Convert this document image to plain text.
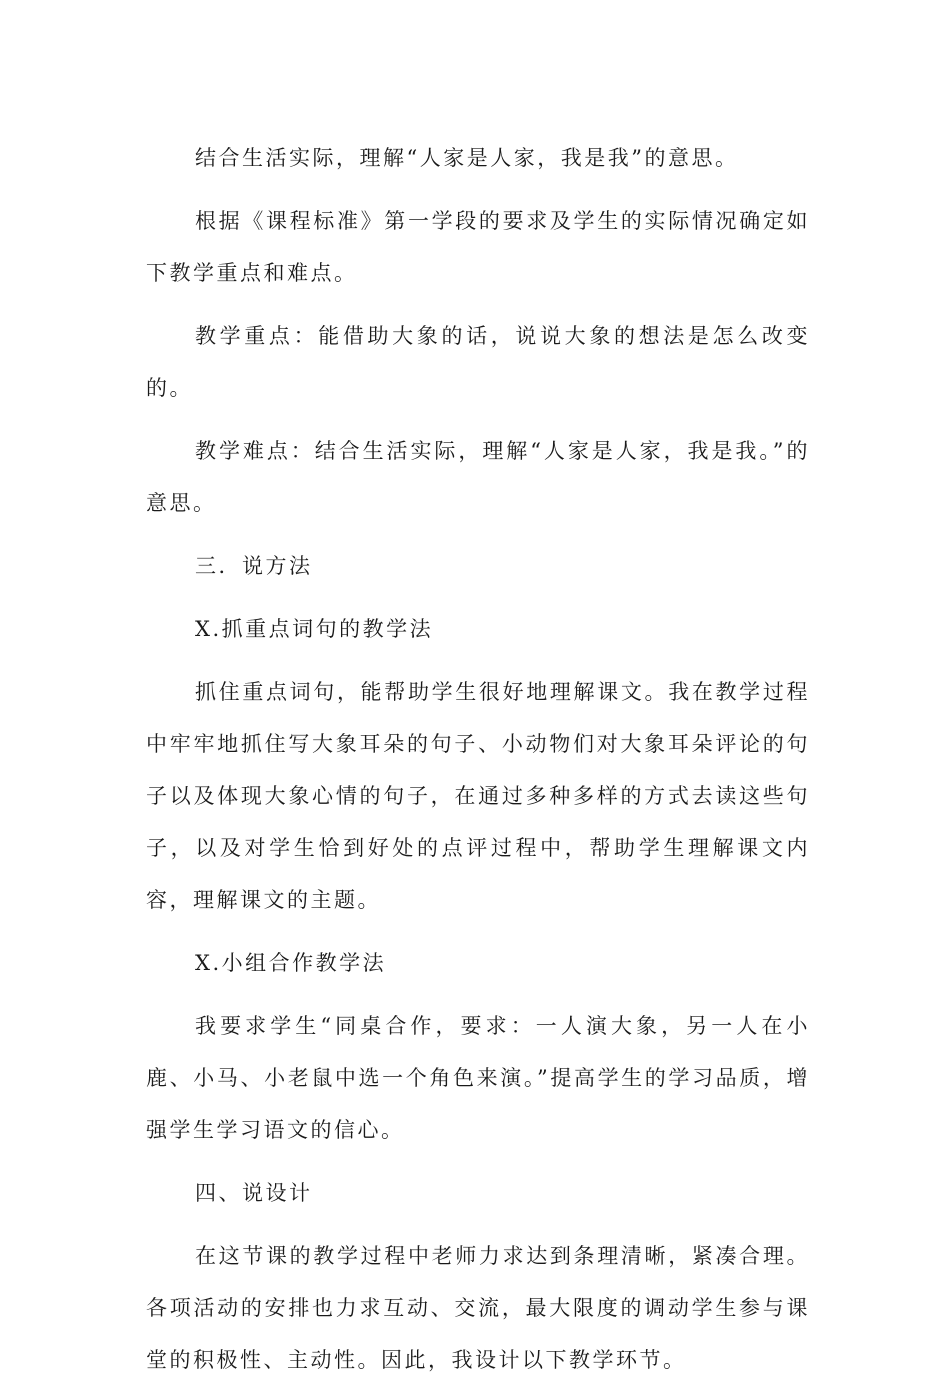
结合生活实际，理解“人家是人家，我是我”的意思。

根据《课程标准》第一学段的要求及学生的实际情况确定如下教学重点和难点。

教学重点：能借助大象的话，说说大象的想法是怎么改变的。

教学难点：结合生活实际，理解“人家是人家，我是我。”的意思。

三．说方法

X.抓重点词句的教学法

抓住重点词句，能帮助学生很好地理解课文。我在教学过程中牢牢地抓住写大象耳朵的句子、小动物们对大象耳朵评论的句子以及体现大象心情的句子，在通过多种多样的方式去读这些句子，以及对学生恰到好处的点评过程中，帮助学生理解课文内容，理解课文的主题。

X.小组合作教学法

我要求学生“同桌合作，要求：一人演大象，另一人在小鹿、小马、小老鼠中选一个角色来演。”提高学生的学习品质，增强学生学习语文的信心。

四、说设计

在这节课的教学过程中老师力求达到条理清晰，紧凑合理。各项活动的安排也力求互动、交流，最大限度的调动学生参与课堂的积极性、主动性。因此，我设计以下教学环节。
